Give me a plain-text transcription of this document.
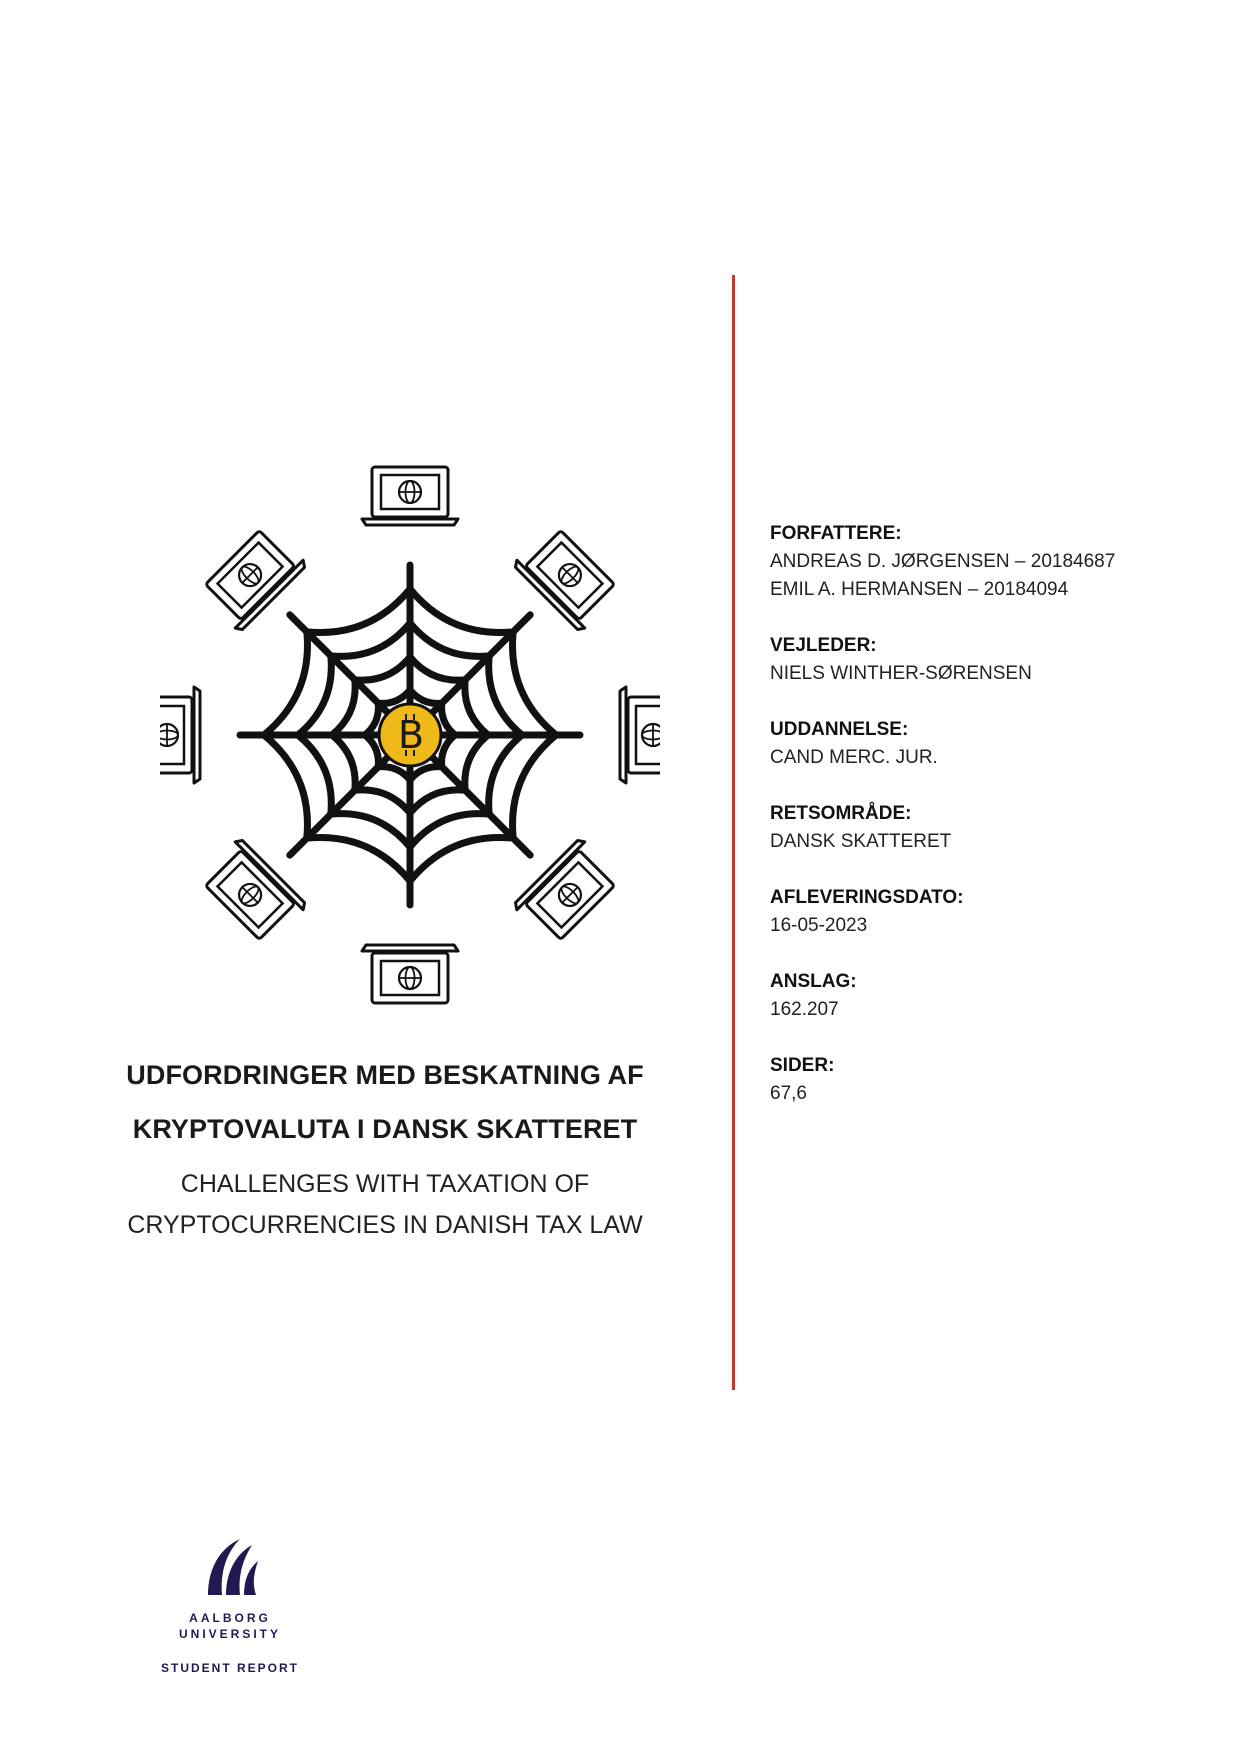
B
UDFORDRINGER MED BESKATNING AF
KRYPTOVALUTA I DANSK SKATTERET
CHALLENGES WITH TAXATION OF
CRYPTOCURRENCIES IN DANISH TAX LAW
FORFATTERE:
ANDREAS D. JØRGENSEN – 20184687
EMIL A. HERMANSEN – 20184094
VEJLEDER:
NIELS WINTHER-SØRENSEN
UDDANNELSE:
CAND MERC. JUR.
RETSOMRÅDE:
DANSK SKATTERET
AFLEVERINGSDATO:
16-05-2023
ANSLAG:
162.207
SIDER:
67,6
AALBORG
UNIVERSITY
STUDENT REPORT
